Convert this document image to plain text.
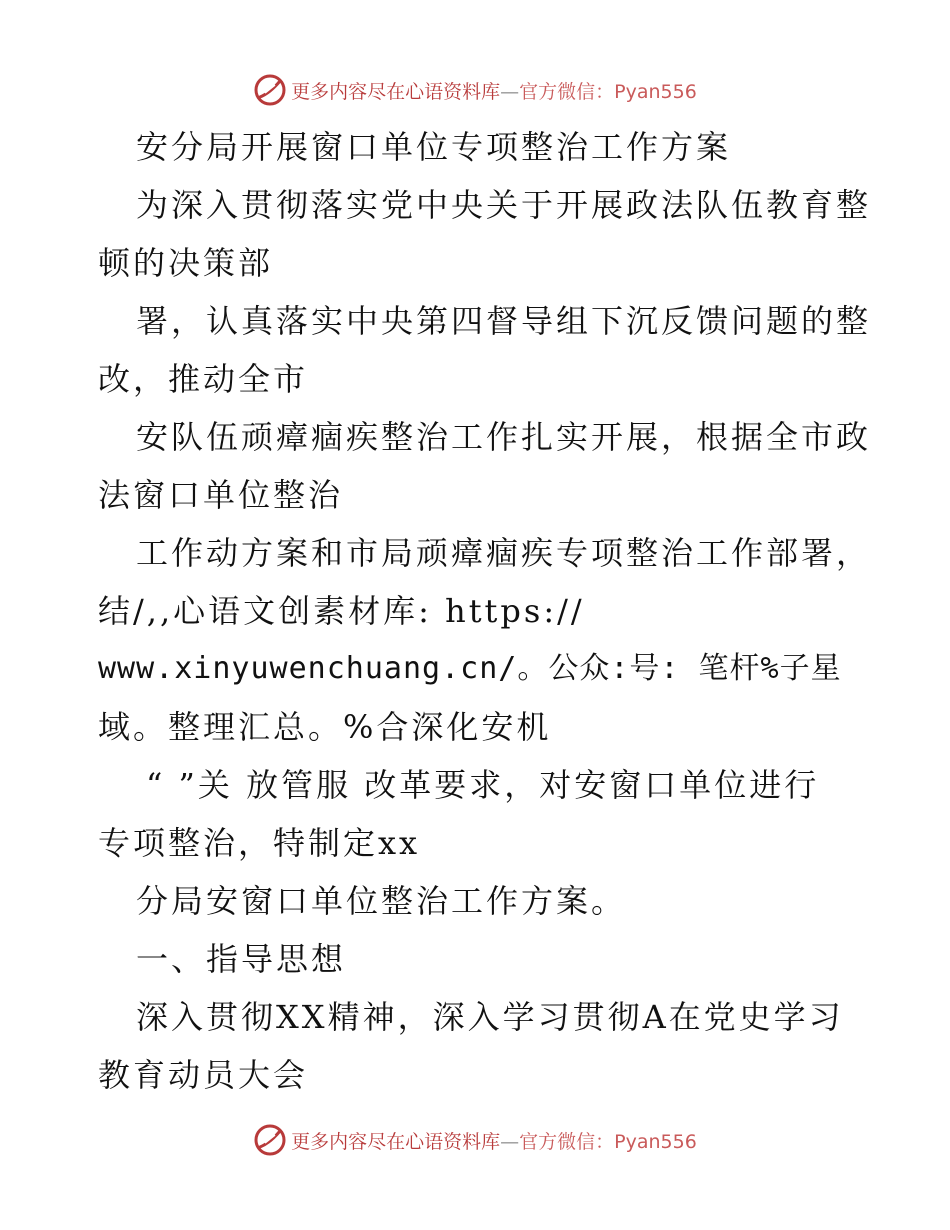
更多内容尽在心语资料库—官方微信：Pyan556
安分局开展窗口单位专项整治工作方案
为深入贯彻落实党中央关于开展政法队伍教育整
顿的决策部
署，认真落实中央第四督导组下沉反馈问题的整
改，推动全市
安队伍顽瘴痼疾整治工作扎实开展，根据全市政
法窗口单位整治
工作动方案和市局顽瘴痼疾专项整治工作部署，
结/,,心语文创素材库: https://
www.xinyuwenchuang.cn/。公众:号: 笔杆%子星
域。整理汇总。%合深化安机
“ ”关 放管服 改革要求，对安窗口单位进行
专项整治，特制定xx
分局安窗口单位整治工作方案。
一、指导思想
深入贯彻XX精神，深入学习贯彻A在党史学习
教育动员大会
更多内容尽在心语资料库—官方微信：Pyan556
